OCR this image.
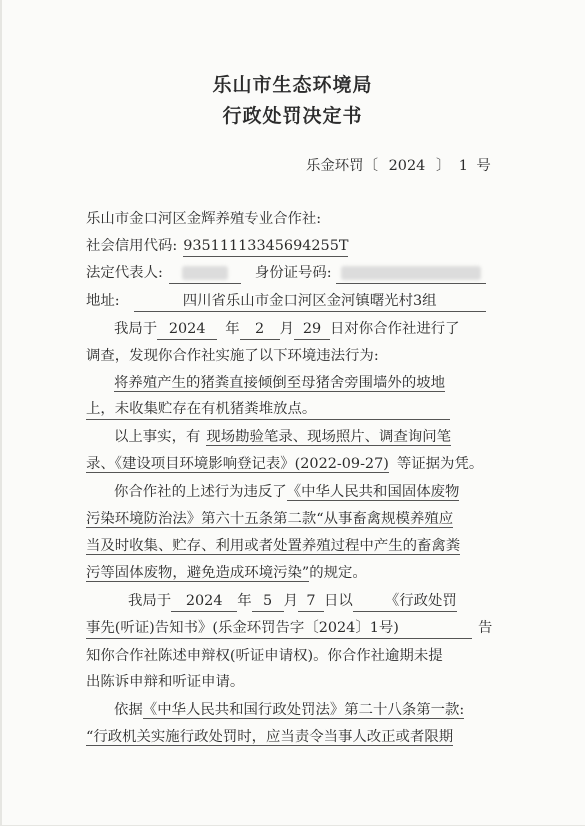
乐山市生态环境局
行政处罚决定书
乐金环罚〔 2024 〕 1 号
乐山市金口河区金辉养殖专业合作社:
社会信用代码: 93511113345694255T
法定代表人:	身份证号码:
地址:	四川省乐山市金口河区金河镇曙光村3组
我局于 2024 年 2 月 29 日对你合作社进行了
调查，发现你合作社实施了以下环境违法行为:
将养殖产生的猪粪直接倾倒至母猪舍旁围墙外的坡地
上，未收集贮存在有机猪粪堆放点。
以上事实，有 现场勘验笔录、现场照片、调查询问笔
录、《建设项目环境影响登记表》(2022-09-27) 等证据为凭。
你合作社的上述行为违反了《中华人民共和国固体废物
污染环境防治法》第六十五条第二款“从事畜禽规模养殖应
当及时收集、贮存、利用或者处置养殖过程中产生的畜禽粪
污等固体废物，避免造成环境污染”的规定。
我局于 2024 年 5 月 7 日以 《行政处罚
事先(听证)告知书》(乐金环罚告字〔2024〕1号)	告
知你合作社陈述申辩权(听证申请权)。你合作社逾期未提
出陈诉申辩和听证申请。
依据《中华人民共和国行政处罚法》第二十八条第一款:
“行政机关实施行政处罚时，应当责令当事人改正或者限期
